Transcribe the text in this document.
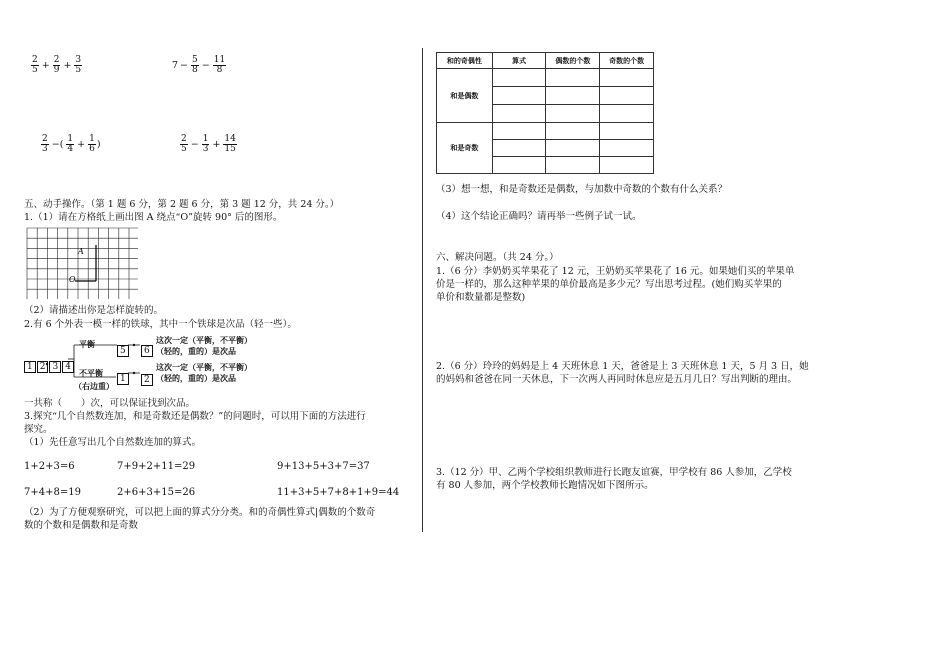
$\frac{2}{5} + \frac{2}{9} + \frac{3}{5}$	$7 - \frac{5}{8} - \frac{11}{8}$
$\frac{2}{3}$ −( $\frac{1}{4} + \frac{1}{6}$ )	$\frac{2}{5} - \frac{1}{3} + \frac{14}{15}$
五、动手操作。（第 1 题 6 分，第 2 题 6 分，第 3 题 12 分，共 24 分。）
1.（1）请在方格纸上画出图 A 绕点“O”旋转 90° 后的图形。
A
O
（2）请描述出你是怎样旋转的。
2.有 6 个外表一模一样的铁球，其中一个铁球是次品（轻一些）。
1 2 3 4
平衡
5	6
这次一定（平衡，不平衡）
（轻的，重的）是次品
不平衡
（右边重）
1	2
这次一定（平衡，不平衡）
（轻的，重的）是次品
一共称（　　）次，可以保证找到次品。
3.探究“几个自然数连加，和是奇数还是偶数？”的问题时，可以用下面的方法进行
探究。
（1）先任意写出几个自然数连加的算式。
1+2+3=6	7+9+2+11=29	9+13+5+3+7=37
7+4+8=19	2+6+3+15=26	11+3+5+7+8+1+9=44
（2）为了方便观察研究，可以把上面的算式分分类。和的奇偶性算式|偶数的个数奇
数的个数和是偶数和是奇数
和的奇偶性	算式	偶数的个数	奇数的个数
和是偶数			

和是奇数			

（3）想一想，和是奇数还是偶数，与加数中奇数的个数有什么关系？
（4）这个结论正确吗？请再举一些例子试一试。
六、解决问题。（共 24 分。）
1.（6 分）李奶奶买苹果花了 12 元，王奶奶买苹果花了 16 元。如果她们买的苹果单
价是一样的，那么这种苹果的单价最高是多少元？写出思考过程。(她们购买苹果的
单价和数量都是整数)
2.（6 分）玲玲的妈妈是上 4 天班休息 1 天，爸爸是上 3 天班休息 1 天，5 月 3 日，她
的妈妈和爸爸在同一天休息，下一次两人再同时休息应是五月几日？写出判断的理由。
3.（12 分）甲、乙两个学校组织教师进行长跑友谊赛，甲学校有 86 人参加，乙学校
有 80 人参加，两个学校教师长跑情况如下图所示。
